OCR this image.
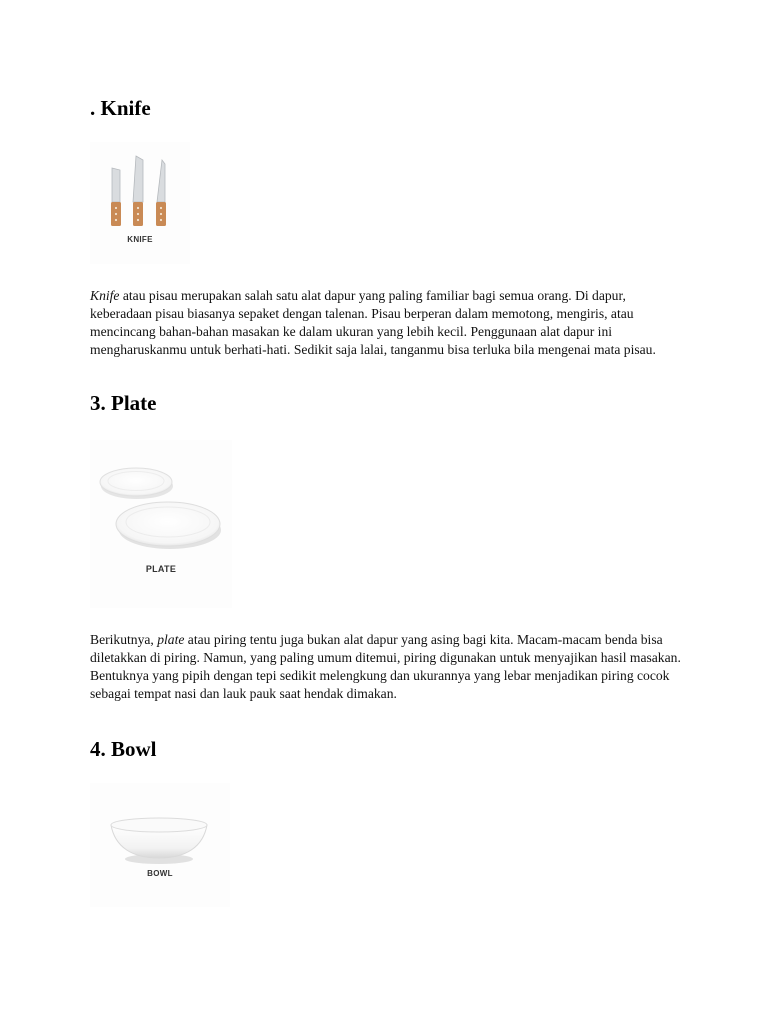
. Knife
KNIFE

Knife atau pisau merupakan salah satu alat dapur yang paling familiar bagi semua orang. Di dapur, keberadaan pisau biasanya sepaket dengan talenan. Pisau berperan dalam memotong, mengiris, atau mencincang bahan-bahan masakan ke dalam ukuran yang lebih kecil. Penggunaan alat dapur ini mengharuskanmu untuk berhati-hati. Sedikit saja lalai, tanganmu bisa terluka bila mengenai mata pisau.

3. Plate
PLATE

Berikutnya, plate atau piring tentu juga bukan alat dapur yang asing bagi kita. Macam-macam benda bisa diletakkan di piring. Namun, yang paling umum ditemui, piring digunakan untuk menyajikan hasil masakan. Bentuknya yang pipih dengan tepi sedikit melengkung dan ukurannya yang lebar menjadikan piring cocok sebagai tempat nasi dan lauk pauk saat hendak dimakan.

4. Bowl
BOWL
